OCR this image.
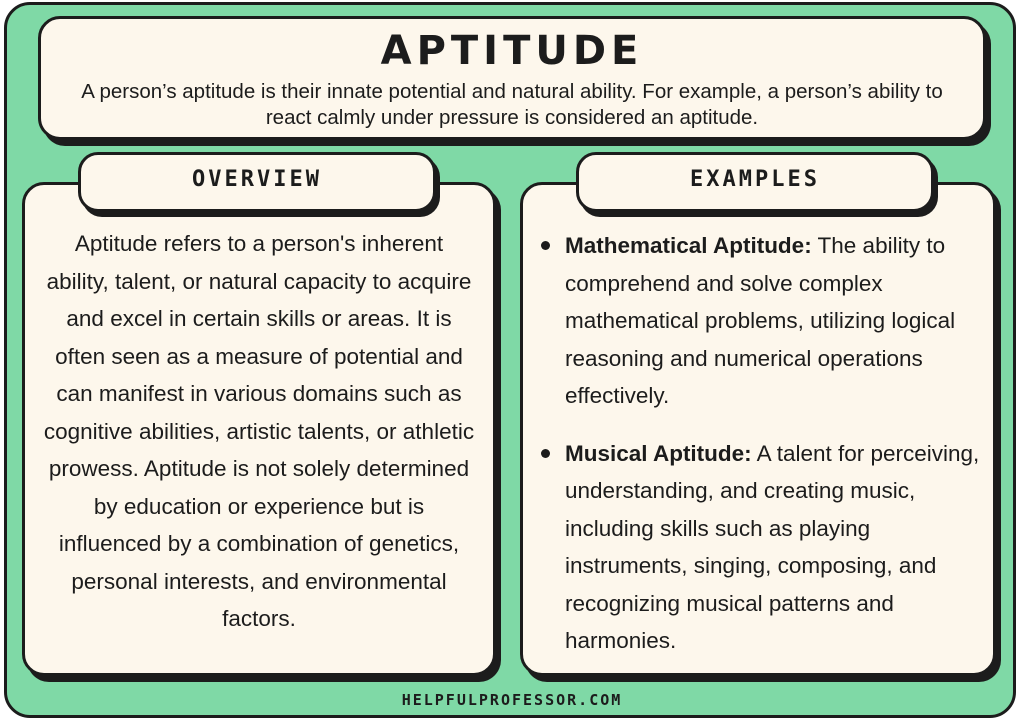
APTITUDE

A person’s aptitude is their innate potential and natural ability. For example, a person’s ability to react calmly under pressure is considered an aptitude.

Aptitude refers to a person's inherent ability, talent, or natural capacity to acquire and excel in certain skills or areas. It is often seen as a measure of potential and can manifest in various domains such as cognitive abilities, artistic talents, or athletic prowess. Aptitude is not solely determined by education or experience but is influenced by a combination of genetics, personal interests, and environmental factors.

OVERVIEW
Mathematical Aptitude: The ability to comprehend and solve complex mathematical problems, utilizing logical reasoning and numerical operations effectively.
Musical Aptitude: A talent for perceiving, understanding, and creating music, including skills such as playing instruments, singing, composing, and recognizing musical patterns and harmonies.
EXAMPLES
HELPFULPROFESSOR.COM
